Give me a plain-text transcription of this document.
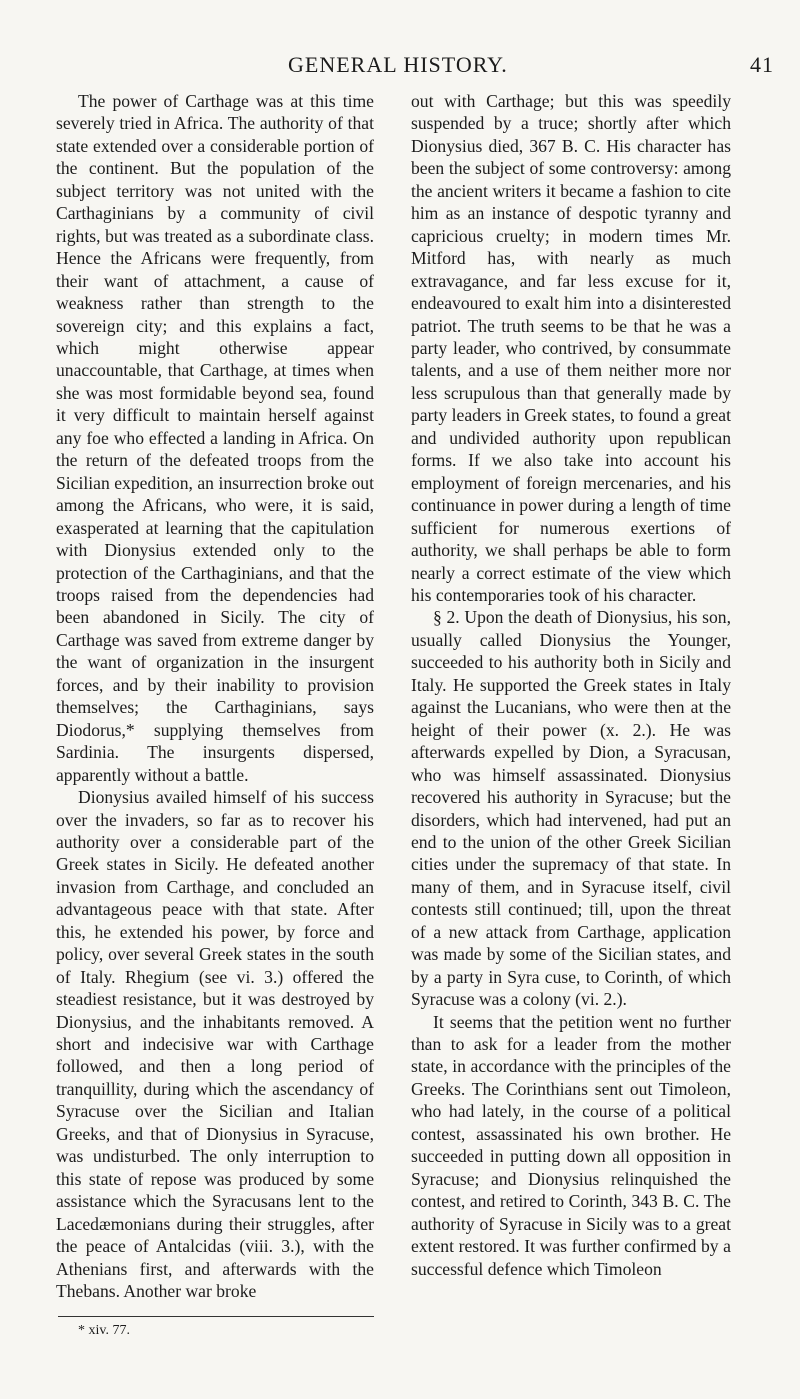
GENERAL HISTORY.	41

The power of Carthage was at this time severely tried in Africa. The authority of that state extended over a considerable portion of the continent. But the population of the subject territory was not united with the Carthaginians by a community of civil rights, but was treated as a subordinate class. Hence the Africans were frequently, from their want of attachment, a cause of weakness rather than strength to the sovereign city; and this explains a fact, which might otherwise appear unaccountable, that Carthage, at times when she was most formidable beyond sea, found it very difficult to maintain herself against any foe who effected a landing in Africa. On the return of the defeated troops from the Sicilian expedition, an insurrection broke out among the Africans, who were, it is said, exasperated at learning that the capitulation with Dionysius extended only to the protection of the Carthaginians, and that the troops raised from the dependencies had been abandoned in Sicily. The city of Carthage was saved from extreme danger by the want of organization in the insurgent forces, and by their inability to provision themselves; the Carthaginians, says Diodorus,* supplying themselves from Sardinia. The insurgents dispersed, apparently without a battle.

Dionysius availed himself of his success over the invaders, so far as to recover his authority over a considerable part of the Greek states in Sicily. He defeated another invasion from Carthage, and concluded an advantageous peace with that state. After this, he extended his power, by force and policy, over several Greek states in the south of Italy. Rhegium (see vi. 3.) offered the steadiest resistance, but it was destroyed by Dionysius, and the inhabitants removed. A short and indecisive war with Carthage followed, and then a long period of tranquillity, during which the ascendancy of Syracuse over the Sicilian and Italian Greeks, and that of Dionysius in Syracuse, was undisturbed. The only interruption to this state of repose was produced by some assistance which the Syracusans lent to the Lacedæmonians during their struggles, after the peace of Antalcidas (viii. 3.), with the Athenians first, and afterwards with the Thebans. Another war broke

* xiv. 77.

out with Carthage; but this was speedily suspended by a truce; shortly after which Dionysius died, 367 B. C. His character has been the subject of some controversy: among the ancient writers it became a fashion to cite him as an instance of despotic tyranny and capricious cruelty; in modern times Mr. Mitford has, with nearly as much extravagance, and far less excuse for it, endeavoured to exalt him into a disinterested patriot. The truth seems to be that he was a party leader, who contrived, by consummate talents, and a use of them neither more nor less scrupulous than that generally made by party leaders in Greek states, to found a great and undivided authority upon republican forms. If we also take into account his employment of foreign mercenaries, and his continuance in power during a length of time sufficient for numerous exertions of authority, we shall perhaps be able to form nearly a correct estimate of the view which his contemporaries took of his character.

§ 2. Upon the death of Dionysius, his son, usually called Dionysius the Younger, succeeded to his authority both in Sicily and Italy. He supported the Greek states in Italy against the Lucanians, who were then at the height of their power (x. 2.). He was afterwards expelled by Dion, a Syracusan, who was himself assassinated. Dionysius recovered his authority in Syracuse; but the disorders, which had intervened, had put an end to the union of the other Greek Sicilian cities under the supremacy of that state. In many of them, and in Syracuse itself, civil contests still continued; till, upon the threat of a new attack from Carthage, application was made by some of the Sicilian states, and by a party in Syra cuse, to Corinth, of which Syracuse was a colony (vi. 2.).

It seems that the petition went no further than to ask for a leader from the mother state, in accordance with the principles of the Greeks. The Corinthians sent out Timoleon, who had lately, in the course of a political contest, assassinated his own brother. He succeeded in putting down all opposition in Syracuse; and Dionysius relinquished the contest, and retired to Corinth, 343 B. C. The authority of Syracuse in Sicily was to a great extent restored. It was further confirmed by a successful defence which Timoleon
